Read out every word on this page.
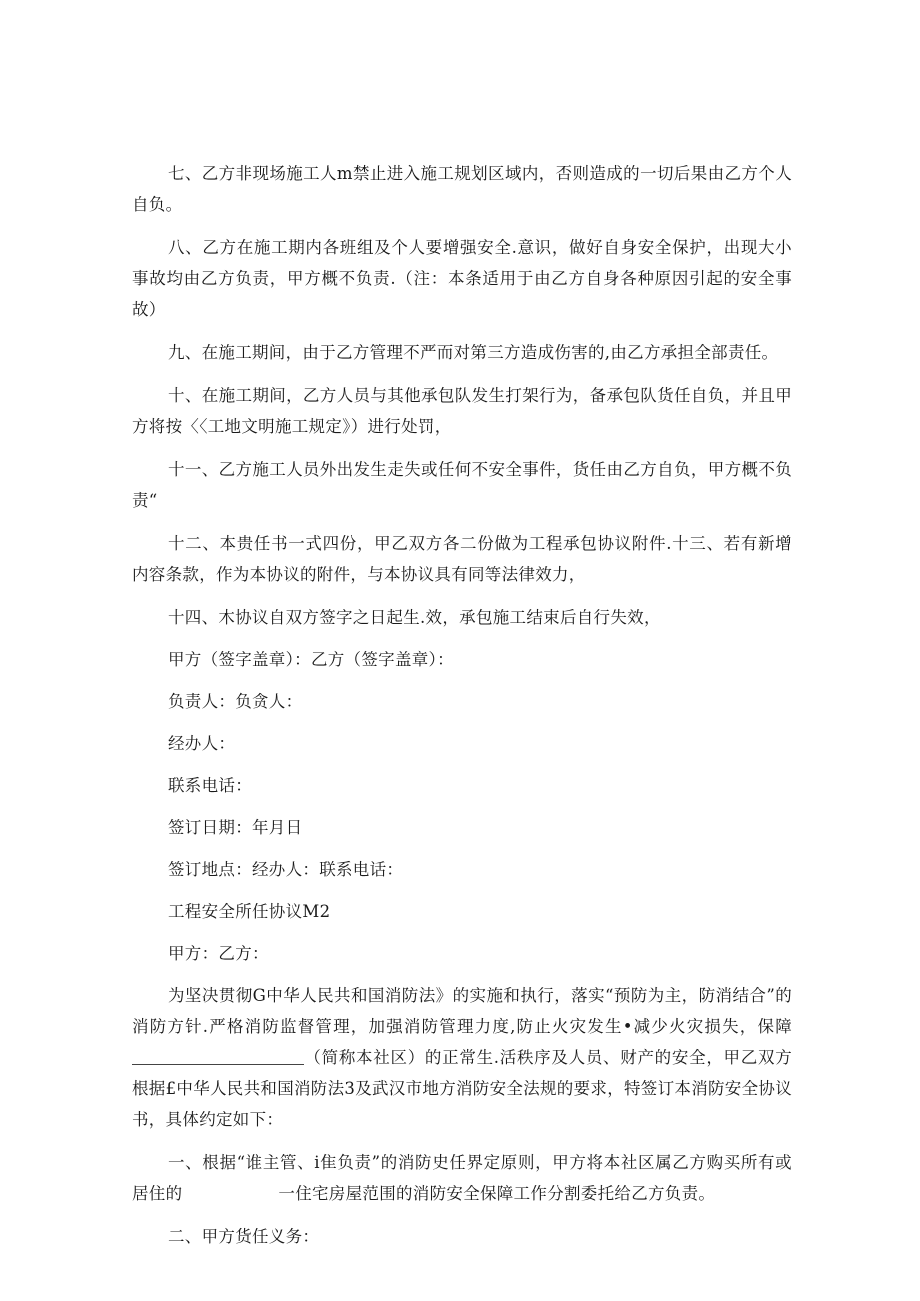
七、乙方非现场施工人m禁止进入施工规划区域内，否则造成的一切后果由乙方个人自负。

八、乙方在施工期内各班组及个人要增强安全.意识，做好自身安全保护，出现大小事故均由乙方负责，甲方概不负责.（注：本条适用于由乙方自身各种原因引起的安全事故）

九、在施工期间，由于乙方管理不严而对第三方造成伤害的,由乙方承担全部责任。

十、在施工期间，乙方人员与其他承包队发生打架行为，备承包队货任自负，并且甲方将按〈〈工地文明施工规定》）进行处罚，

十一、乙方施工人员外出发生走失或任何不安全事件，货任由乙方自负，甲方概不负责“

十二、本贵任书一式四份，甲乙双方各二份做为工程承包协议附件.十三、若有新增内容条款，作为本协议的附件，与本协议具有同等法律效力，

十四、木协议自双方签字之日起生.效，承包施工结束后自行失效，

甲方（签字盖章）：乙方（签字盖章）：

负责人：负贪人：

经办人：

联系电话：

签订日期：年月日

签订地点：经办人：联系电话：

工程安全所任协议M2

甲方：乙方：

为坚决贯彻G中华人民共和国消防法》的实施和执行，落实“预防为主，防消结合”的消防方针.严格消防监督管理，加强消防管理力度,防止火灾发生•减少火灾损失，保障（简称本社区）的正常生.活秩序及人员、财产的安全，甲乙双方根据£中华人民共和国消防法3及武汉市地方消防安全法规的要求，特签订本消防安全协议书，具体约定如下：

一、根据“谁主管、i隹负责”的消防史任界定原则，甲方将本社区属乙方购买所有或居住的	一住宅房屋范围的消防安全保障工作分割委托给乙方负责。

二、甲方货任义务：
